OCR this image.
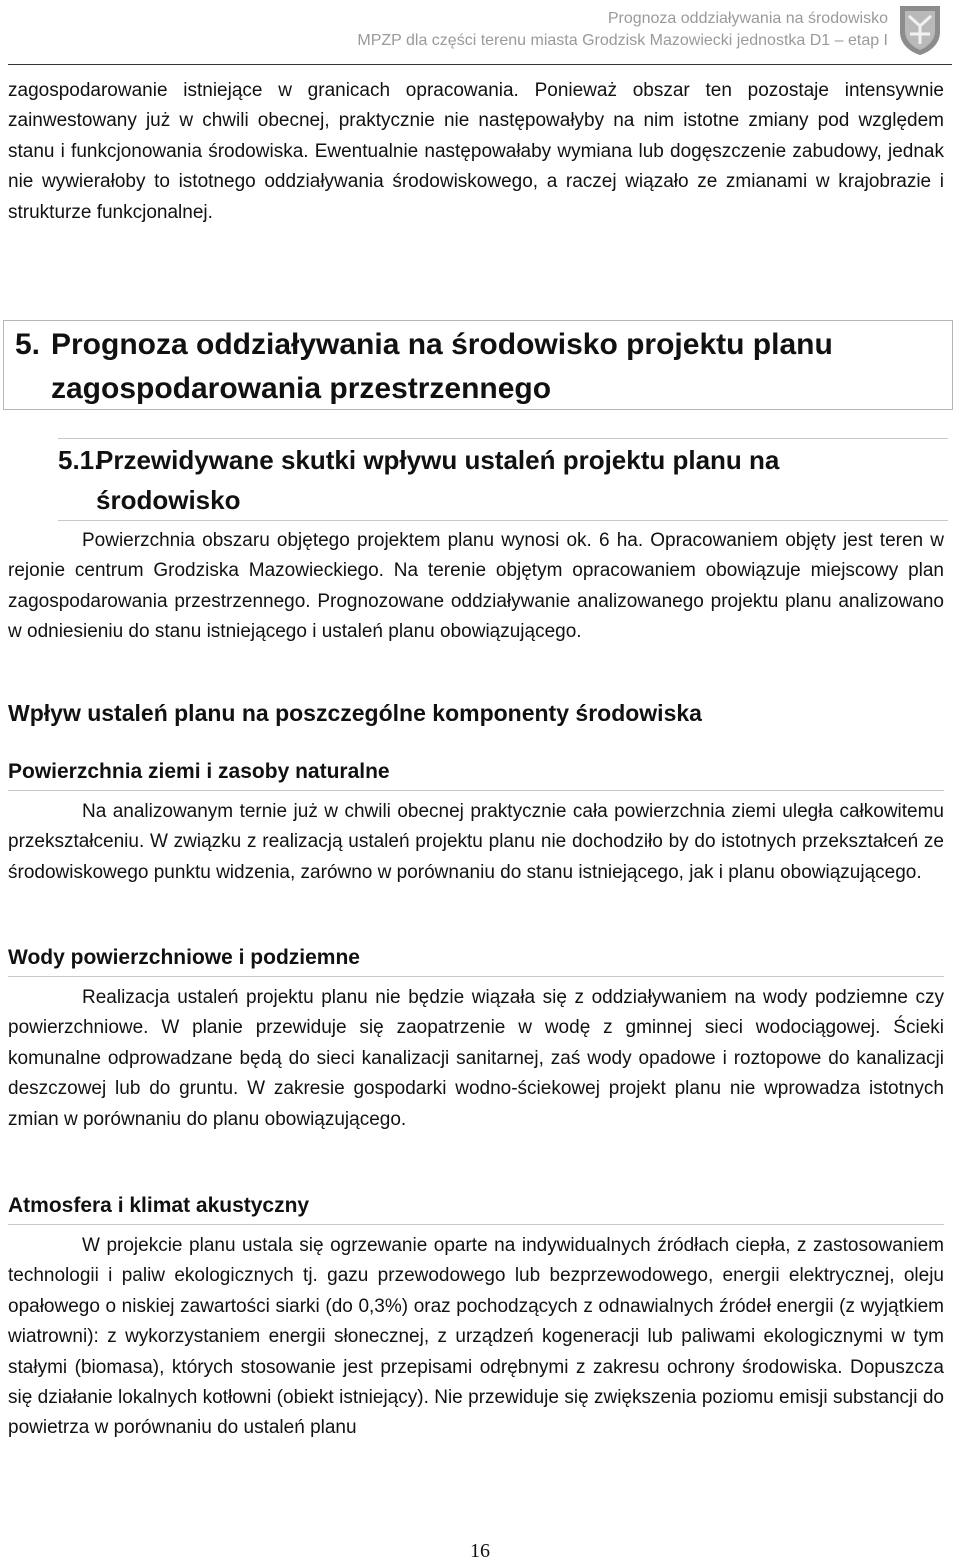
Prognoza oddziaływania na środowisko
MPZP dla części terenu miasta Grodzisk Mazowiecki jednostka D1 – etap I

zagospodarowanie istniejące w granicach opracowania. Ponieważ obszar ten pozostaje intensywnie zainwestowany już w chwili obecnej, praktycznie nie następowałyby na nim istotne zmiany pod względem stanu i funkcjonowania środowiska. Ewentualnie następowałaby wymiana lub dogęszczenie zabudowy, jednak nie wywierałoby to istotnego oddziaływania środowiskowego, a raczej wiązało ze zmianami w krajobrazie i strukturze funkcjonalnej.

5. Prognoza oddziaływania na środowisko projektu planu zagospodarowania przestrzennego
5.1.
Przewidywane skutki wpływu ustaleń projektu planu na środowisko

Powierzchnia obszaru objętego projektem planu wynosi ok. 6 ha. Opracowaniem objęty jest teren w rejonie centrum Grodziska Mazowieckiego. Na terenie objętym opracowaniem obowiązuje miejscowy plan zagospodarowania przestrzennego. Prognozowane oddziaływanie analizowanego projektu planu analizowano w odniesieniu do stanu istniejącego i ustaleń planu obowiązującego.

Wpływ ustaleń planu na poszczególne komponenty środowiska
Powierzchnia ziemi i zasoby naturalne

Na analizowanym ternie już w chwili obecnej praktycznie cała powierzchnia ziemi uległa całkowitemu przekształceniu. W związku z realizacją ustaleń projektu planu nie dochodziło by do istotnych przekształceń ze środowiskowego punktu widzenia, zarówno w porównaniu do stanu istniejącego, jak i planu obowiązującego.

Wody powierzchniowe i podziemne

Realizacja ustaleń projektu planu nie będzie wiązała się z oddziaływaniem na wody podziemne czy powierzchniowe. W planie przewiduje się zaopatrzenie w wodę z gminnej sieci wodociągowej. Ścieki komunalne odprowadzane będą do sieci kanalizacji sanitarnej, zaś wody opadowe i roztopowe do kanalizacji deszczowej lub do gruntu. W zakresie gospodarki wodno-ściekowej projekt planu nie wprowadza istotnych zmian w porównaniu do planu obowiązującego.

Atmosfera i klimat akustyczny

W projekcie planu ustala się ogrzewanie oparte na indywidualnych źródłach ciepła, z zastosowaniem technologii i paliw ekologicznych tj. gazu przewodowego lub bezprzewodowego, energii elektrycznej, oleju opałowego o niskiej zawartości siarki (do 0,3%) oraz pochodzących z odnawialnych źródeł energii (z wyjątkiem wiatrowni): z wykorzystaniem energii słonecznej, z urządzeń kogeneracji lub paliwami ekologicznymi w tym stałymi (biomasa), których stosowanie jest przepisami odrębnymi z zakresu ochrony środowiska. Dopuszcza się działanie lokalnych kotłowni (obiekt istniejący). Nie przewiduje się zwiększenia poziomu emisji substancji do powietrza w porównaniu do ustaleń planu

16
